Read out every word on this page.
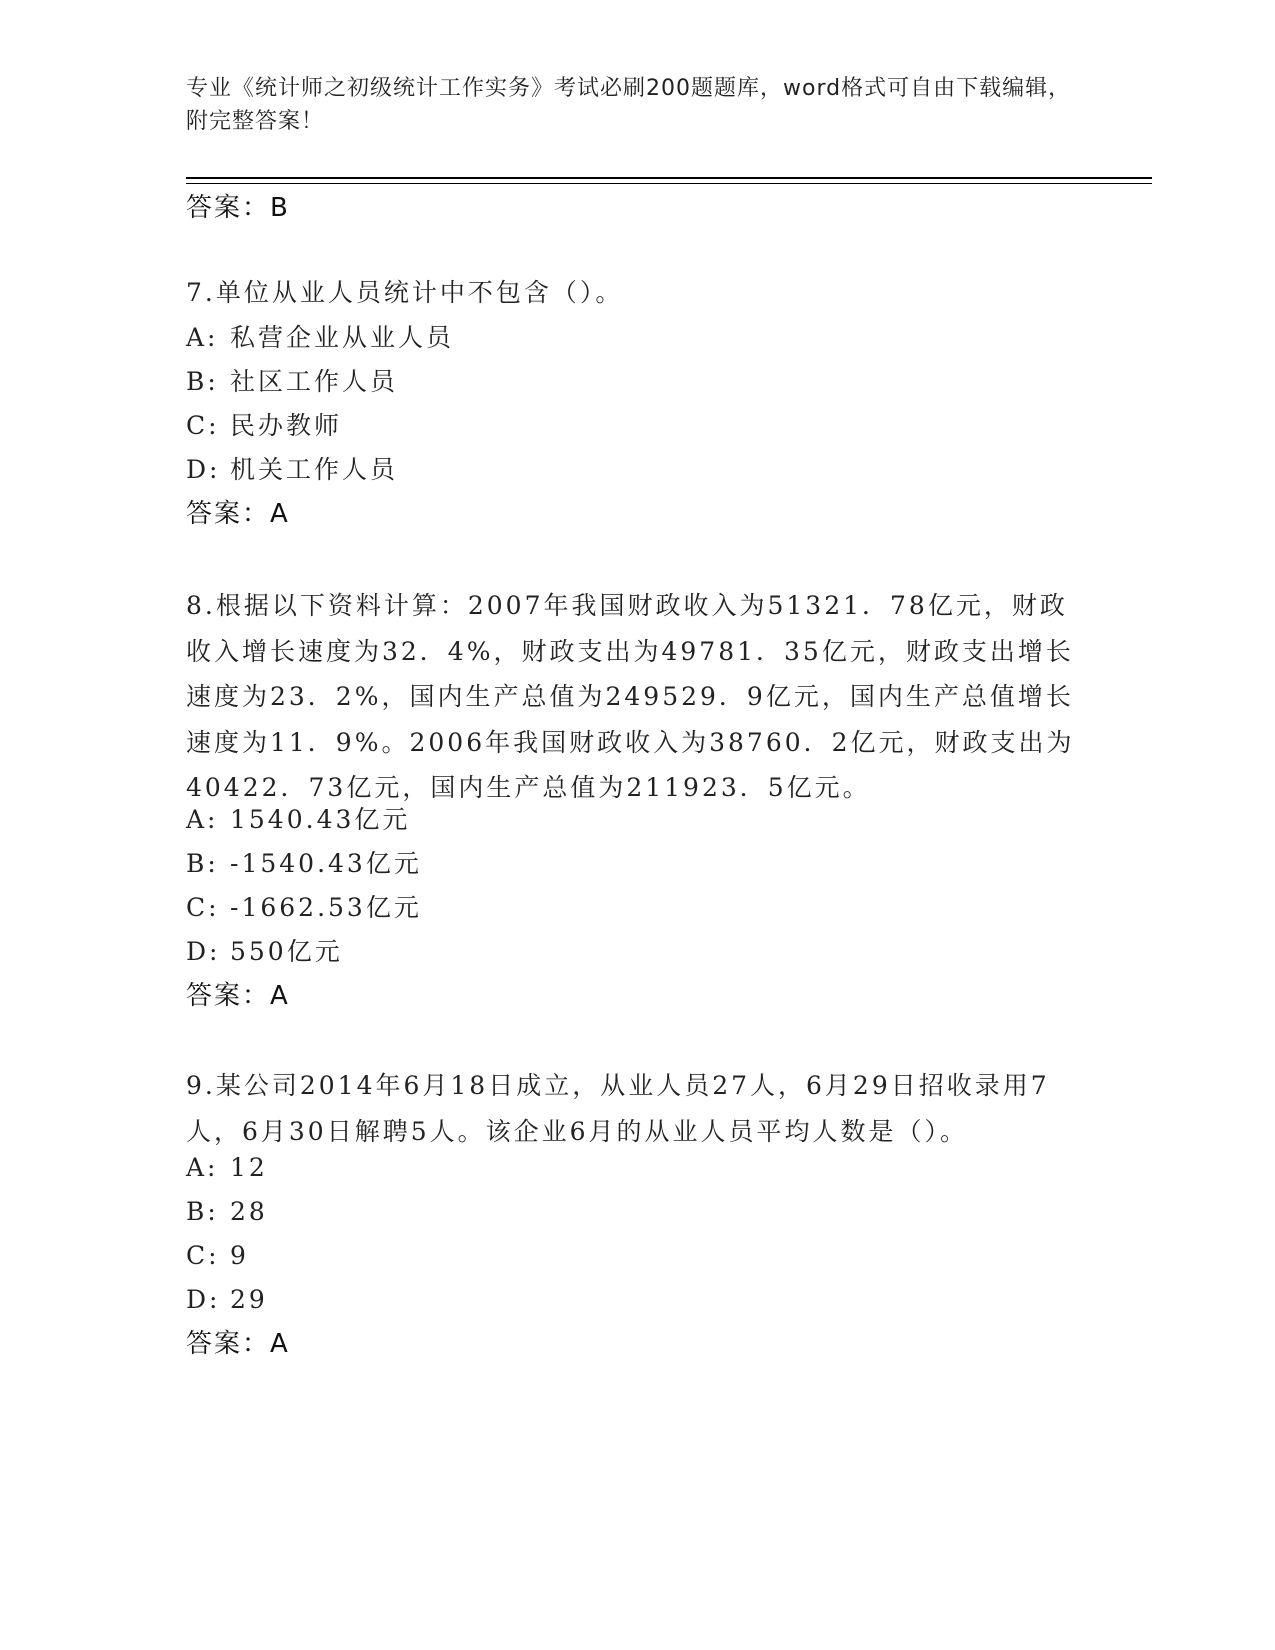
专业《统计师之初级统计工作实务》考试必刷200题题库，word格式可自由下载编辑，附完整答案！
答案：B
7.单位从业人员统计中不包含（）。
A: 私营企业从业人员
B: 社区工作人员
C: 民办教师
D: 机关工作人员
答案：A
8.根据以下资料计算：2007年我国财政收入为51321．78亿元，财政收入增长速度为32．4%，财政支出为49781．35亿元，财政支出增长速度为23．2%，国内生产总值为249529．9亿元，国内生产总值增长速度为11．9%。2006年我国财政收入为38760．2亿元，财政支出为40422．73亿元，国内生产总值为211923．5亿元。
A: 1540.43亿元
B: -1540.43亿元
C: -1662.53亿元
D: 550亿元
答案：A
9.某公司2014年6月18日成立，从业人员27人，6月29日招收录用7人，6月30日解聘5人。该企业6月的从业人员平均人数是（）。
A: 12
B: 28
C: 9
D: 29
答案：A
